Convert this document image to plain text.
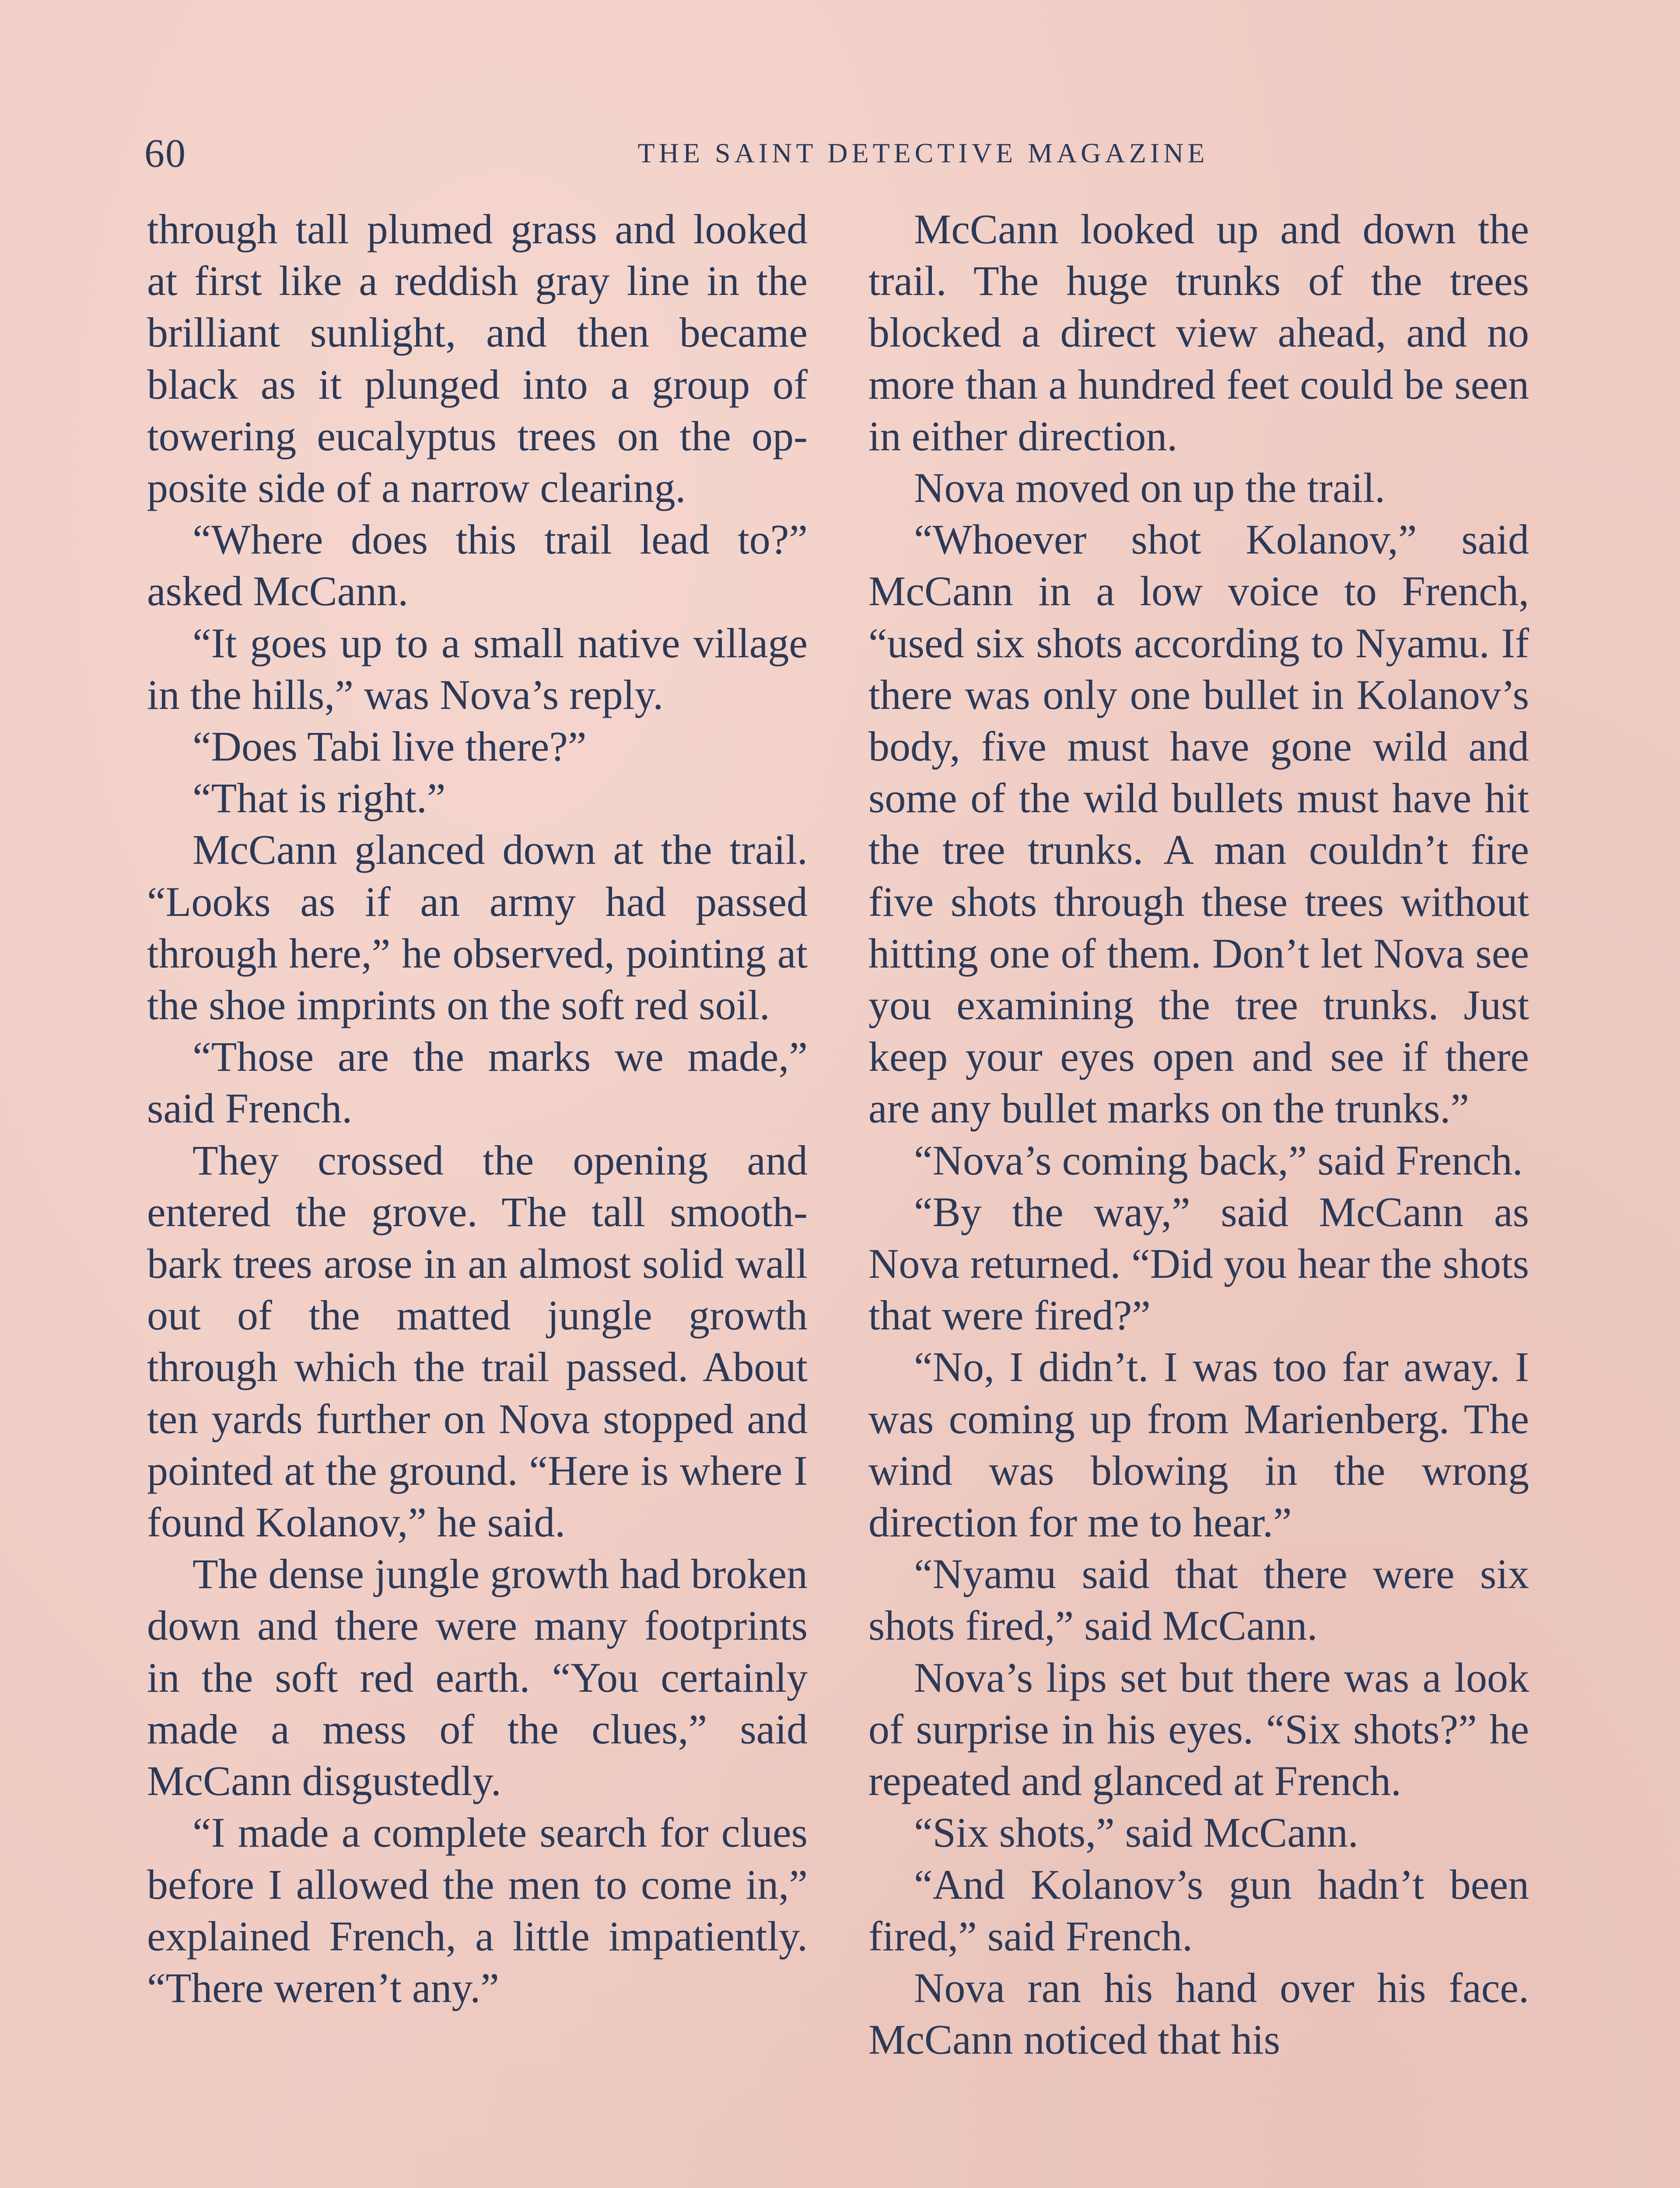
60	THE SAINT DETECTIVE MAGAZINE

through tall plumed grass and looked at first like a reddish gray line in the brilliant sunlight, and then became black as it plunged into a group of towering eucalyptus trees on the opposite side of a narrow clearing.

“Where does this trail lead to?” asked McCann.

“It goes up to a small native village in the hills,” was Nova’s reply.

“Does Tabi live there?”

“That is right.”

McCann glanced down at the trail. “Looks as if an army had passed through here,” he observed, pointing at the shoe imprints on the soft red soil.

“Those are the marks we made,” said French.

They crossed the opening and entered the grove. The tall smooth-bark trees arose in an almost solid wall out of the matted jungle growth through which the trail passed. About ten yards further on Nova stopped and pointed at the ground. “Here is where I found Kolanov,” he said.

The dense jungle growth had broken down and there were many footprints in the soft red earth. “You certainly made a mess of the clues,” said McCann disgustedly.

“I made a complete search for clues before I allowed the men to come in,” explained French, a little impatiently. “There weren’t any.”

McCann looked up and down the trail. The huge trunks of the trees blocked a direct view ahead, and no more than a hundred feet could be seen in either direction.

Nova moved on up the trail.

“Whoever shot Kolanov,” said McCann in a low voice to French, “used six shots according to Nyamu. If there was only one bullet in Kolanov’s body, five must have gone wild and some of the wild bullets must have hit the tree trunks. A man couldn’t fire five shots through these trees without hitting one of them. Don’t let Nova see you examining the tree trunks. Just keep your eyes open and see if there are any bullet marks on the trunks.”

“Nova’s coming back,” said French.

“By the way,” said McCann as Nova returned. “Did you hear the shots that were fired?”

“No, I didn’t. I was too far away. I was coming up from Marienberg. The wind was blowing in the wrong direction for me to hear.”

“Nyamu said that there were six shots fired,” said McCann.

Nova’s lips set but there was a look of surprise in his eyes. “Six shots?” he repeated and glanced at French.

“Six shots,” said McCann.

“And Kolanov’s gun hadn’t been fired,” said French.

Nova ran his hand over his face. McCann noticed that his
